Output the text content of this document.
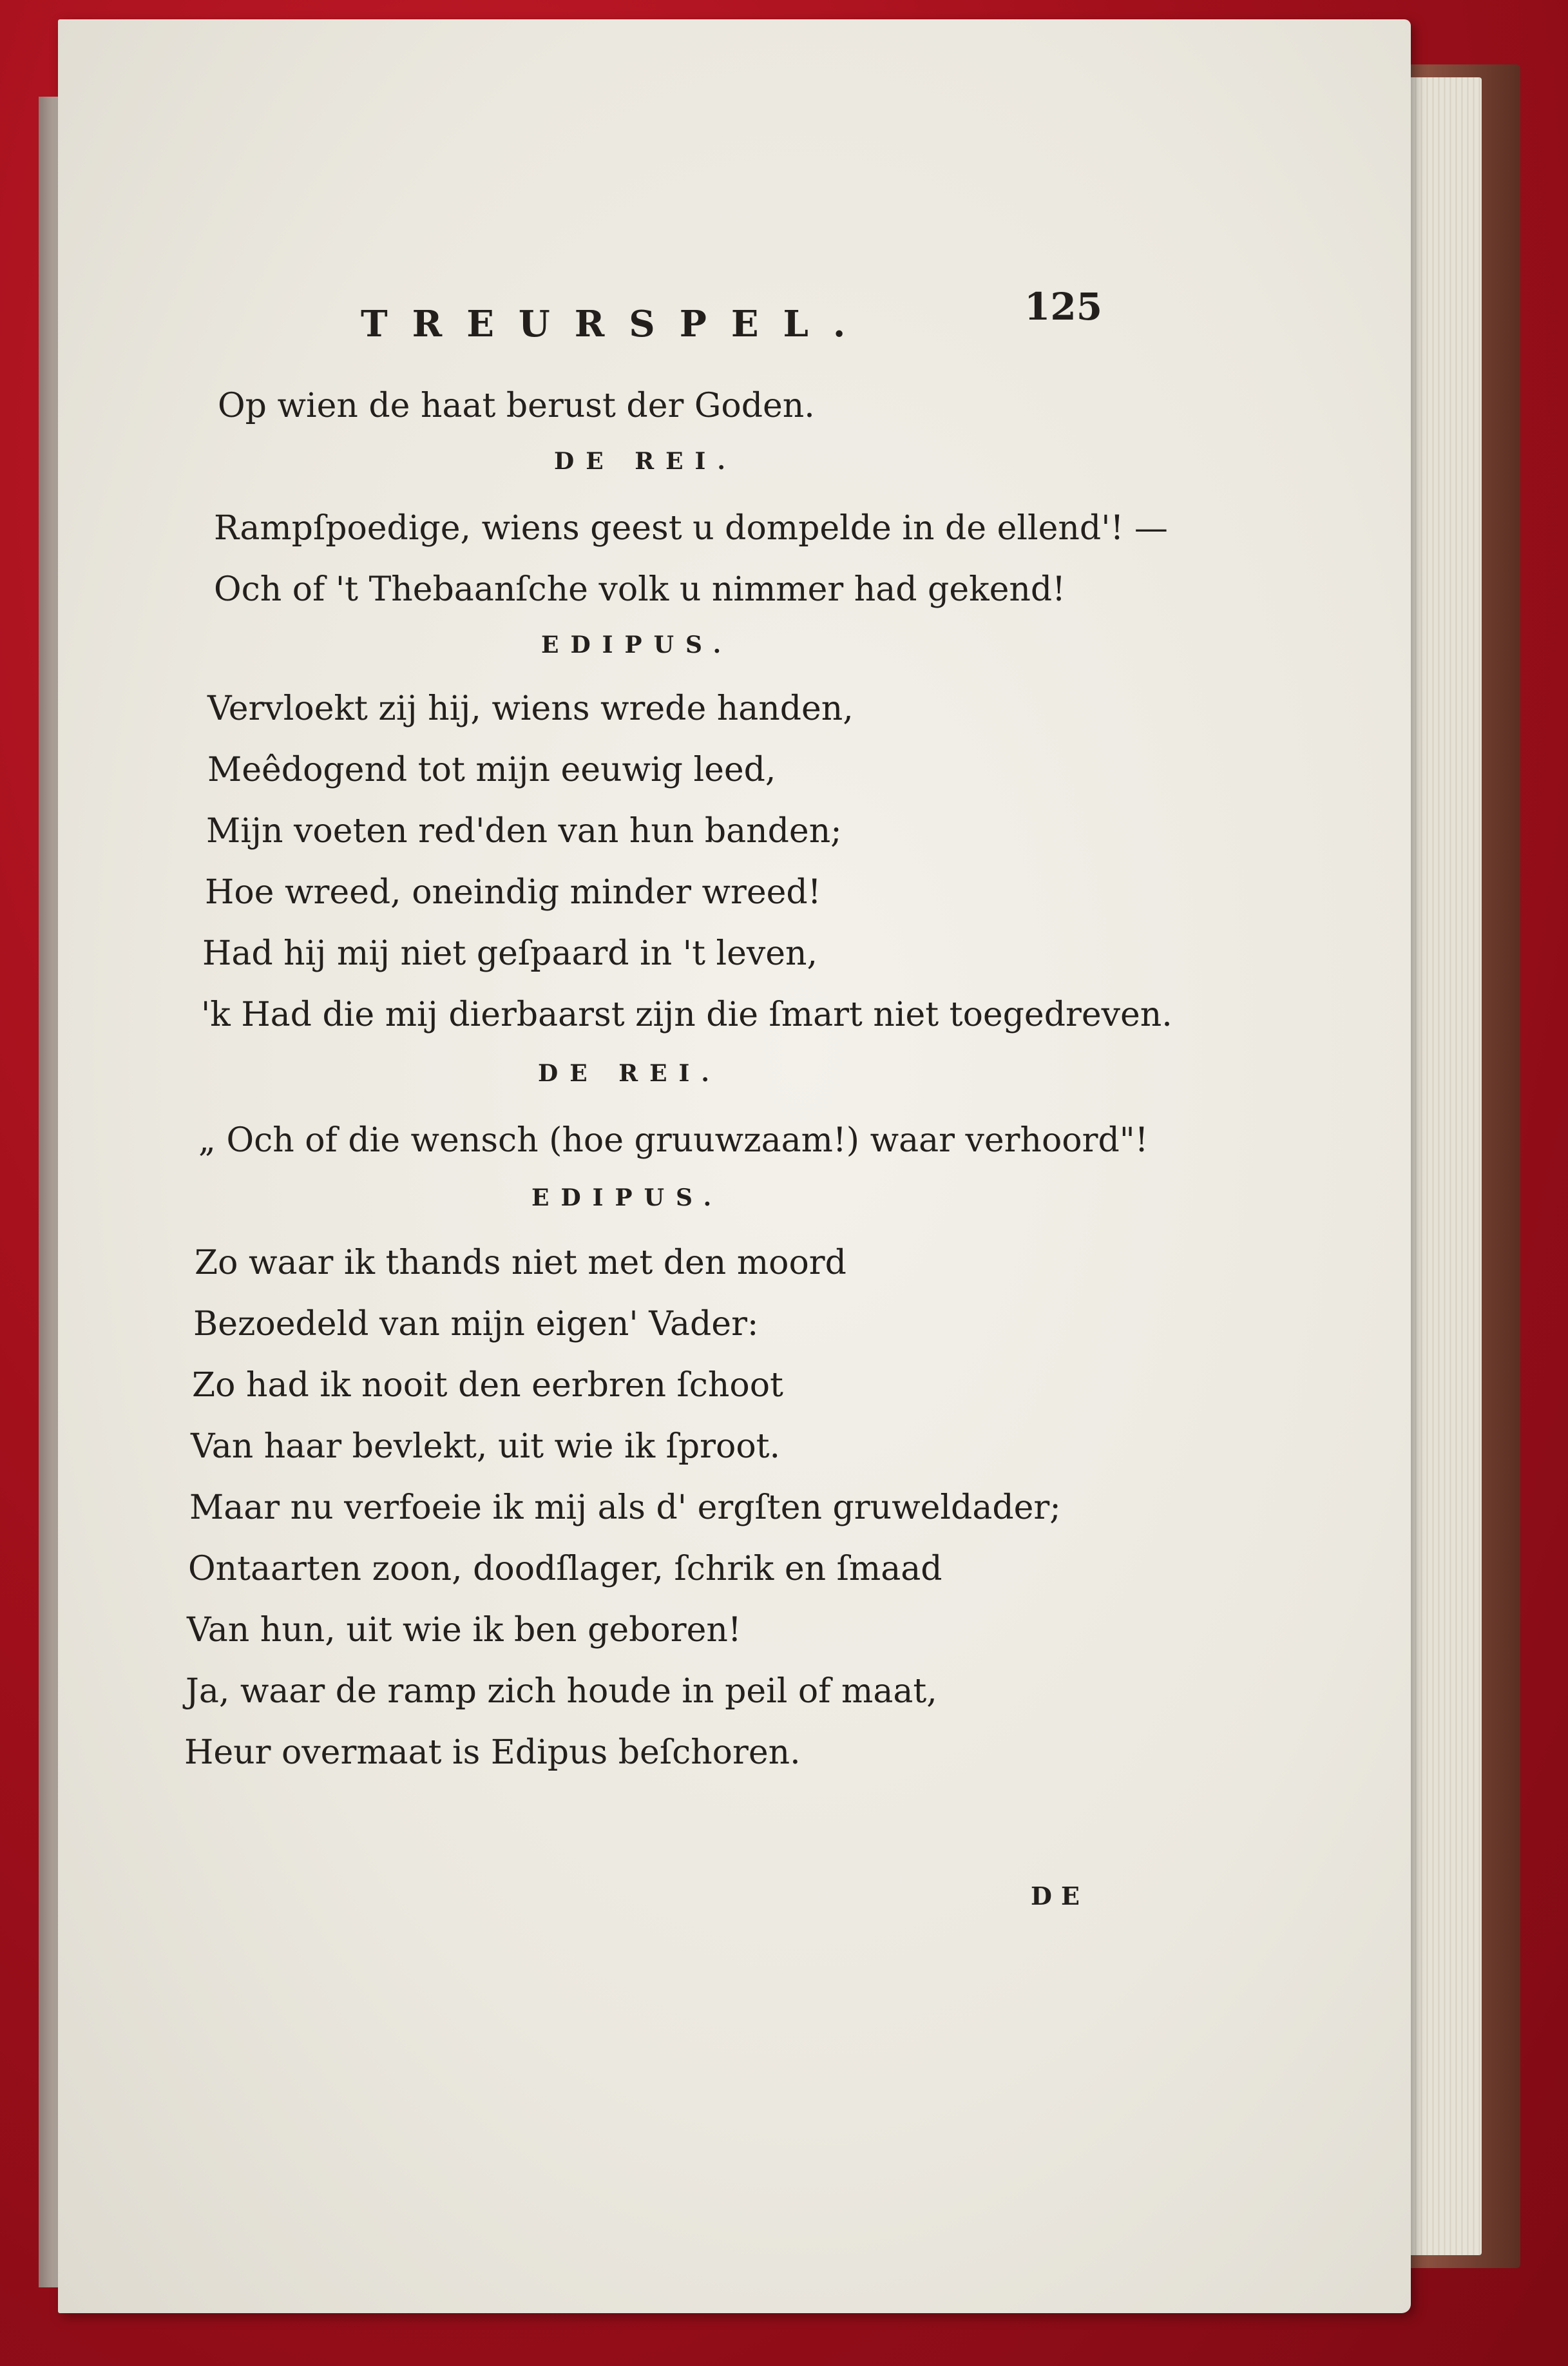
TREURSPEL.	125
Op wien de haat berust der Goden.
DE REI.
Rampſpoedige, wiens geest u dompelde in de ellend'! —
Och of 't Thebaanſche volk u nimmer had gekend!
EDIPUS.
Vervloekt zij hij, wiens wrede handen,
Meêdogend tot mijn eeuwig leed,
Mijn voeten red'den van hun banden;
Hoe wreed, oneindig minder wreed!
Had hij mij niet geſpaard in 't leven,
'k Had die mij dierbaarst zijn die ſmart niet toegedreven.
DE REI.
„ Och of die wensch (hoe gruuwzaam!) waar verhoord"!
EDIPUS.
Zo waar ik thands niet met den moord
Bezoedeld van mijn eigen' Vader:
Zo had ik nooit den eerbren ſchoot
Van haar bevlekt, uit wie ik ſproot.
Maar nu verfoeie ik mij als d' ergſten gruweldader;
Ontaarten zoon, doodſlager, ſchrik en ſmaad
Van hun, uit wie ik ben geboren!
Ja, waar de ramp zich houde in peil of maat,
Heur overmaat is Edipus beſchoren.
DE
